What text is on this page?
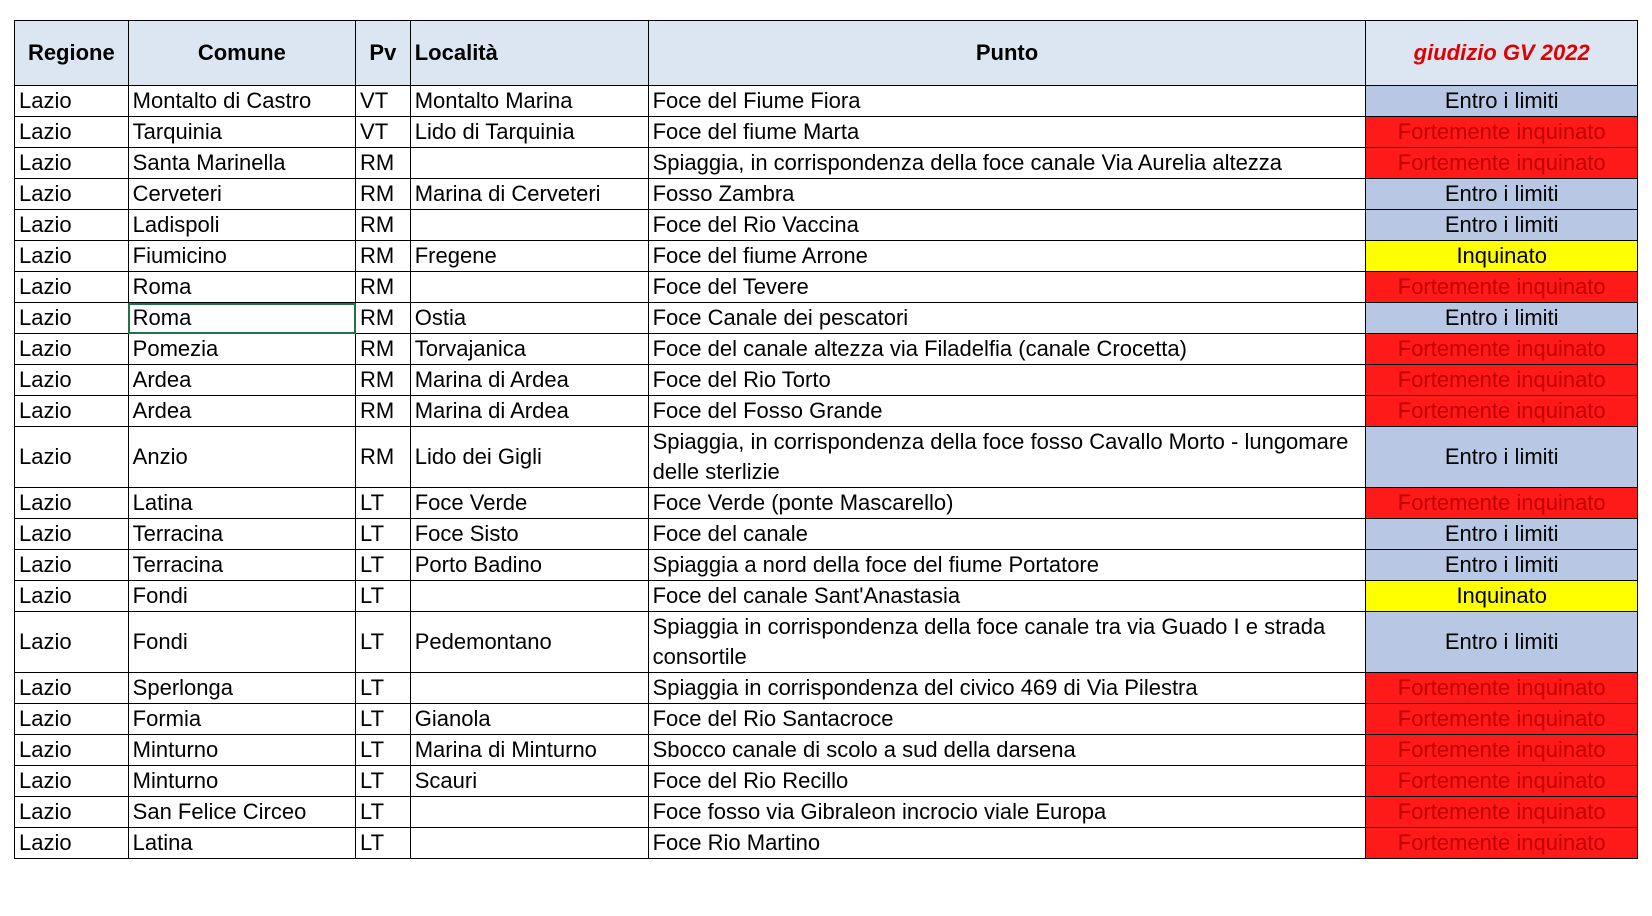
Regione	Comune	Pv	Località	Punto	giudizio GV 2022
Lazio	Montalto di Castro	VT	Montalto Marina	Foce del Fiume Fiora	Entro i limiti
Lazio	Tarquinia	VT	Lido di Tarquinia	Foce del fiume Marta	Fortemente inquinato
Lazio	Santa Marinella	RM		Spiaggia, in corrispondenza della foce canale Via Aurelia altezza	Fortemente inquinato
Lazio	Cerveteri	RM	Marina di Cerveteri	Fosso Zambra	Entro i limiti
Lazio	Ladispoli	RM		Foce del Rio Vaccina	Entro i limiti
Lazio	Fiumicino	RM	Fregene	Foce del fiume Arrone	Inquinato
Lazio	Roma	RM		Foce del Tevere	Fortemente inquinato
Lazio	Roma	RM	Ostia	Foce Canale dei pescatori	Entro i limiti
Lazio	Pomezia	RM	Torvajanica	Foce del canale altezza via Filadelfia (canale Crocetta)	Fortemente inquinato
Lazio	Ardea	RM	Marina di Ardea	Foce del Rio Torto	Fortemente inquinato
Lazio	Ardea	RM	Marina di Ardea	Foce del Fosso Grande	Fortemente inquinato
Lazio	Anzio	RM	Lido dei Gigli	Spiaggia, in corrispondenza della foce fosso Cavallo Morto - lungomare delle sterlizie	Entro i limiti
Lazio	Latina	LT	Foce Verde	Foce Verde (ponte Mascarello)	Fortemente inquinato
Lazio	Terracina	LT	Foce Sisto	Foce del canale	Entro i limiti
Lazio	Terracina	LT	Porto Badino	Spiaggia a nord della foce del fiume Portatore	Entro i limiti
Lazio	Fondi	LT		Foce del canale Sant'Anastasia	Inquinato
Lazio	Fondi	LT	Pedemontano	Spiaggia in corrispondenza della foce canale tra via Guado I e strada consortile	Entro i limiti
Lazio	Sperlonga	LT		Spiaggia in corrispondenza del civico 469 di Via Pilestra	Fortemente inquinato
Lazio	Formia	LT	Gianola	Foce del Rio Santacroce	Fortemente inquinato
Lazio	Minturno	LT	Marina di Minturno	Sbocco canale di scolo a sud della darsena	Fortemente inquinato
Lazio	Minturno	LT	Scauri	Foce del Rio Recillo	Fortemente inquinato
Lazio	San Felice Circeo	LT		Foce fosso via Gibraleon incrocio viale Europa	Fortemente inquinato
Lazio	Latina	LT		Foce Rio Martino	Fortemente inquinato
